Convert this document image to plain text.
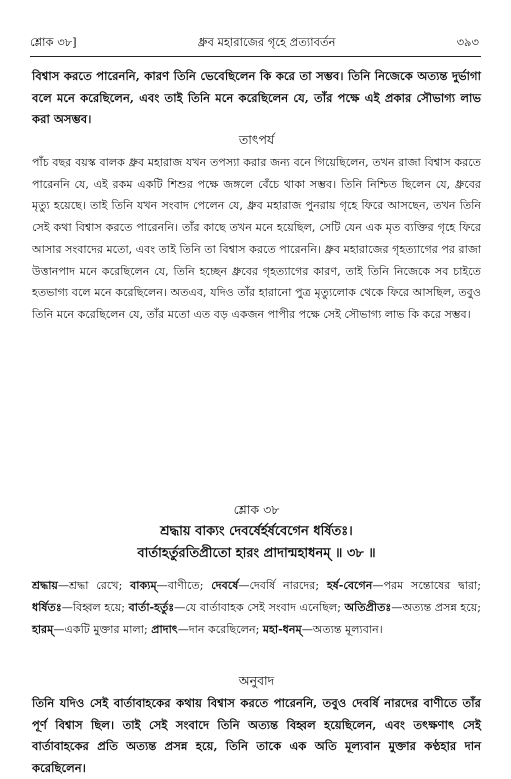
শ্লোক ৩৮]	ধ্রুব মহারাজের গৃহে প্রত্যাবর্তন	৩৯৩

বিশ্বাস করতে পারেননি, কারণ তিনি ভেবেছিলেন কি করে তা সম্ভব। তিনি নিজেকে অত্যন্ত দুর্ভাগা বলে মনে করেছিলেন, এবং তাই তিনি মনে করেছিলেন যে, তাঁর পক্ষে এই প্রকার সৌভাগ্য লাভ করা অসম্ভব।

তাৎপর্য

পাঁচ বছর বয়স্ক বালক ধ্রুব মহারাজ যখন তপস্যা করার জন্য বনে গিয়েছিলেন, তখন রাজা বিশ্বাস করতে পারেননি যে, এই রকম একটি শিশুর পক্ষে জঙ্গলে বেঁচে থাকা সম্ভব। তিনি নিশ্চিত ছিলেন যে, ধ্রুবের মৃত্যু হয়েছে। তাই তিনি যখন সংবাদ পেলেন যে, ধ্রুব মহারাজ পুনরায় গৃহে ফিরে আসছেন, তখন তিনি সেই কথা বিশ্বাস করতে পারেননি। তাঁর কাছে তখন মনে হয়েছিল, সেটি যেন এক মৃত ব্যক্তির গৃহে ফিরে আসার সংবাদের মতো, এবং তাই তিনি তা বিশ্বাস করতে পারেননি। ধ্রুব মহারাজের গৃহত্যাগের পর রাজা উত্তানপাদ মনে করেছিলেন যে, তিনি হচ্ছেন ধ্রুবের গৃহত্যাগের কারণ, তাই তিনি নিজেকে সব চাইতে হতভাগ্য বলে মনে করেছিলেন। অতএব, যদিও তাঁর হারানো পুত্র মৃত্যুলোক থেকে ফিরে আসছিল, তবুও তিনি মনে করেছিলেন যে, তাঁর মতো এত বড় একজন পাপীর পক্ষে সেই সৌভাগ্য লাভ কি করে সম্ভব।

শ্লোক ৩৮

শ্রদ্ধায় বাক্যং দেবর্ষের্হর্ষবেগেন ধর্ষিতঃ।

বার্তাহর্তুরতিপ্রীতো হারং প্রাদান্মহাধনম্ ॥ ৩৮ ॥

শ্রদ্ধায়—শ্রদ্ধা রেখে; বাক্যম্—বাণীতে; দেবর্ষে—দেবর্ষি নারদের; হর্ষ-বেগেন—পরম সন্তোষের দ্বারা; ধর্ষিতঃ—বিহ্বল হয়ে; বার্তা-হর্তুঃ—যে বার্তাবাহক সেই সংবাদ এনেছিল; অতিপ্রীতঃ—অত্যন্ত প্রসন্ন হয়ে; হারম্—একটি মুক্তার মালা; প্রাদাৎ—দান করেছিলেন; মহা-ধনম্—অত্যন্ত মূল্যবান।

অনুবাদ

তিনি যদিও সেই বার্তাবাহকের কথায় বিশ্বাস করতে পারেননি, তবুও দেবর্ষি নারদের বাণীতে তাঁর পূর্ণ বিশ্বাস ছিল। তাই সেই সংবাদে তিনি অত্যন্ত বিহ্বল হয়েছিলেন, এবং তৎক্ষণাৎ সেই বার্তাবাহকের প্রতি অত্যন্ত প্রসন্ন হয়ে, তিনি তাকে এক অতি মূল্যবান মুক্তার কণ্ঠহার দান করেছিলেন।
